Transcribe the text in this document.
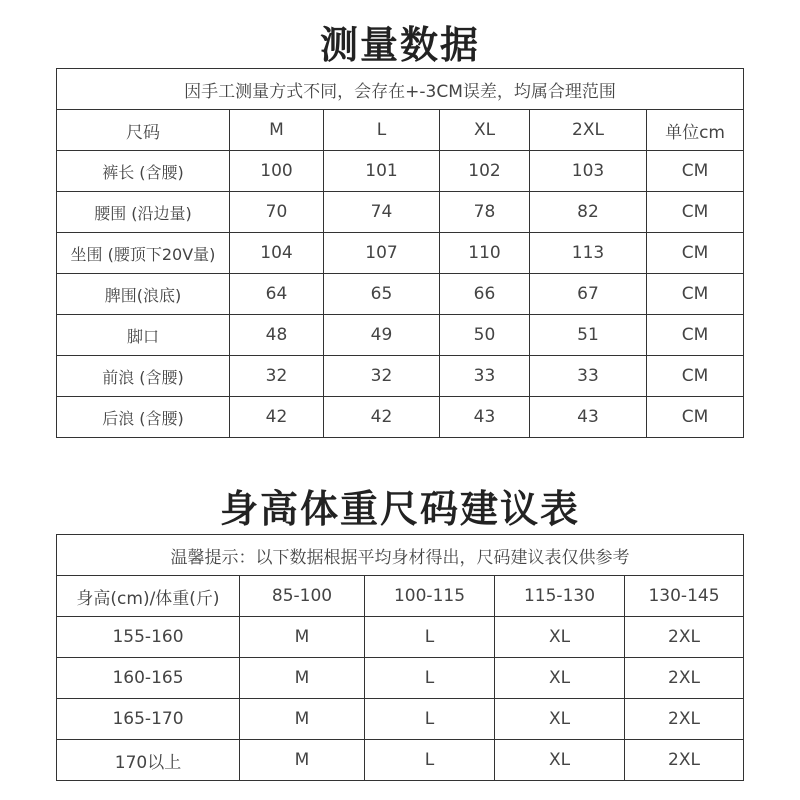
测量数据
因手工测量方式不同，会存在+-3CM误差，均属合理范围					
尺码	M	L	XL	2XL	单位cm
裤长 (含腰)	100	101	102	103	CM
腰围 (沿边量)	70	74	78	82	CM
坐围 (腰顶下20V量)	104	107	110	113	CM
脾围(浪底)	64	65	66	67	CM
脚口	48	49	50	51	CM
前浪 (含腰)	32	32	33	33	CM
后浪 (含腰)	42	42	43	43	CM
身高体重尺码建议表
温馨提示：以下数据根据平均身材得出，尺码建议表仅供参考				
身高(cm)/体重(斤)	85-100	100-115	115-130	130-145
155-160	M	L	XL	2XL
160-165	M	L	XL	2XL
165-170	M	L	XL	2XL
170以上	M	L	XL	2XL
